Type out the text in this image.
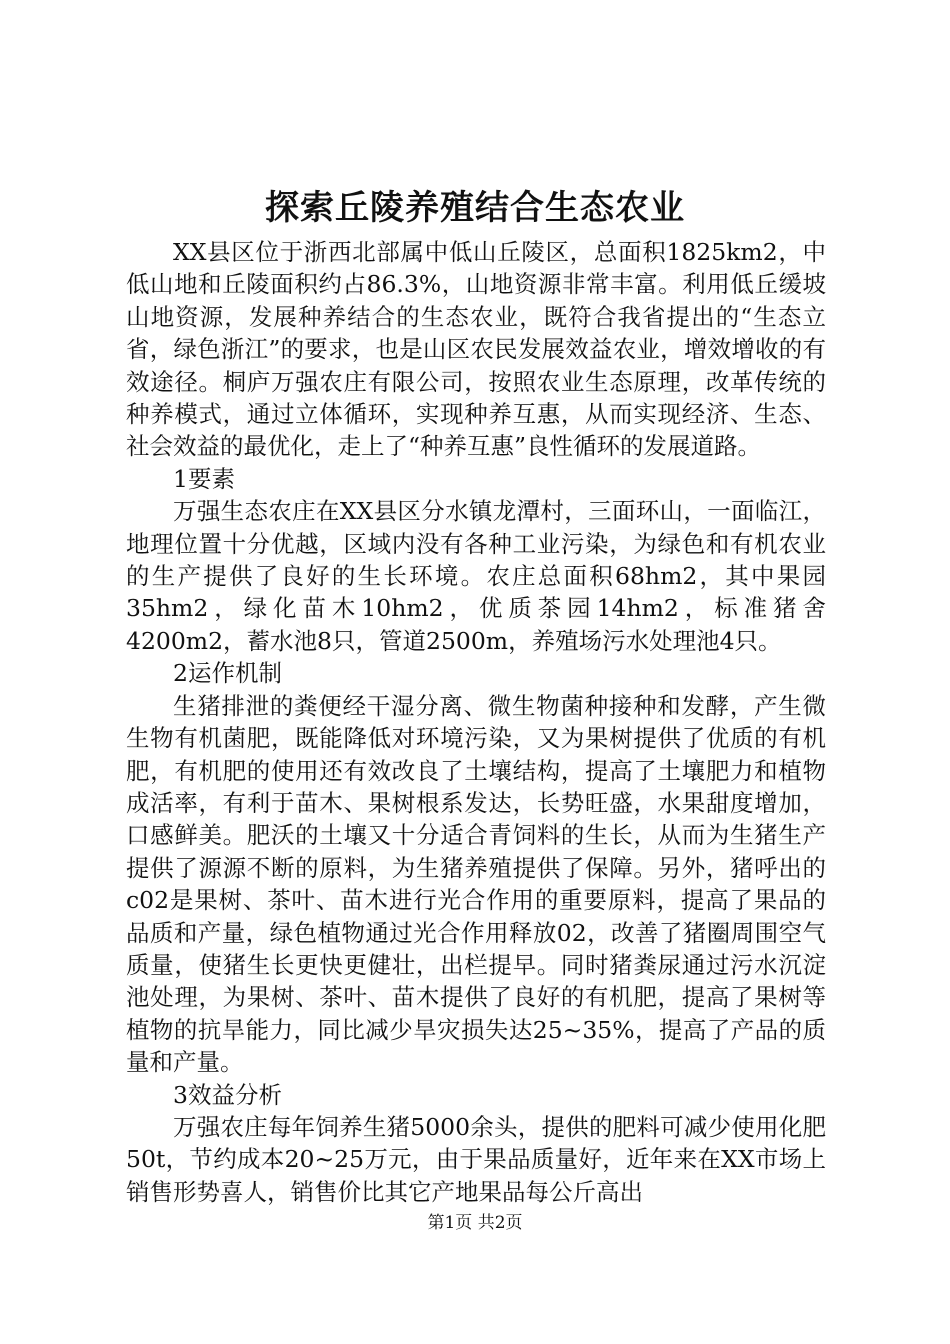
探索丘陵养殖结合生态农业

XX县区位于浙西北部属中低山丘陵区，总面积1825km2，中低山地和丘陵面积约占86.3%，山地资源非常丰富。利用低丘缓坡山地资源，发展种养结合的生态农业，既符合我省提出的“生态立省，绿色浙江”的要求，也是山区农民发展效益农业，增效增收的有效途径。桐庐万强农庄有限公司，按照农业生态原理，改革传统的种养模式，通过立体循环，实现种养互惠，从而实现经济、生态、社会效益的最优化，走上了“种养互惠”良性循环的发展道路。

1要素

万强生态农庄在XX县区分水镇龙潭村，三面环山，一面临江，地理位置十分优越，区域内没有各种工业污染，为绿色和有机农业的生产提供了良好的生长环境。农庄总面积68hm2，其中果园35hm2，绿化苗木10hm2，优质茶园14hm2，标准猪舍4200m2，蓄水池8只，管道2500m，养殖场污水处理池4只。

2运作机制

生猪排泄的粪便经干湿分离、微生物菌种接种和发酵，产生微生物有机菌肥，既能降低对环境污染，又为果树提供了优质的有机肥，有机肥的使用还有效改良了土壤结构，提高了土壤肥力和植物成活率，有利于苗木、果树根系发达，长势旺盛，水果甜度增加，口感鲜美。肥沃的土壤又十分适合青饲料的生长，从而为生猪生产提供了源源不断的原料，为生猪养殖提供了保障。另外，猪呼出的c02是果树、茶叶、苗木进行光合作用的重要原料，提高了果品的品质和产量，绿色植物通过光合作用释放02，改善了猪圈周围空气质量，使猪生长更快更健壮，出栏提早。同时猪粪尿通过污水沉淀池处理，为果树、茶叶、苗木提供了良好的有机肥，提高了果树等植物的抗旱能力，同比减少旱灾损失达25~35%，提高了产品的质量和产量。

3效益分析

万强农庄每年饲养生猪5000余头，提供的肥料可减少使用化肥50t，节约成本20~25万元，由于果品质量好，近年来在XX市场上销售形势喜人，销售价比其它产地果品每公斤高出

第1页 共2页
